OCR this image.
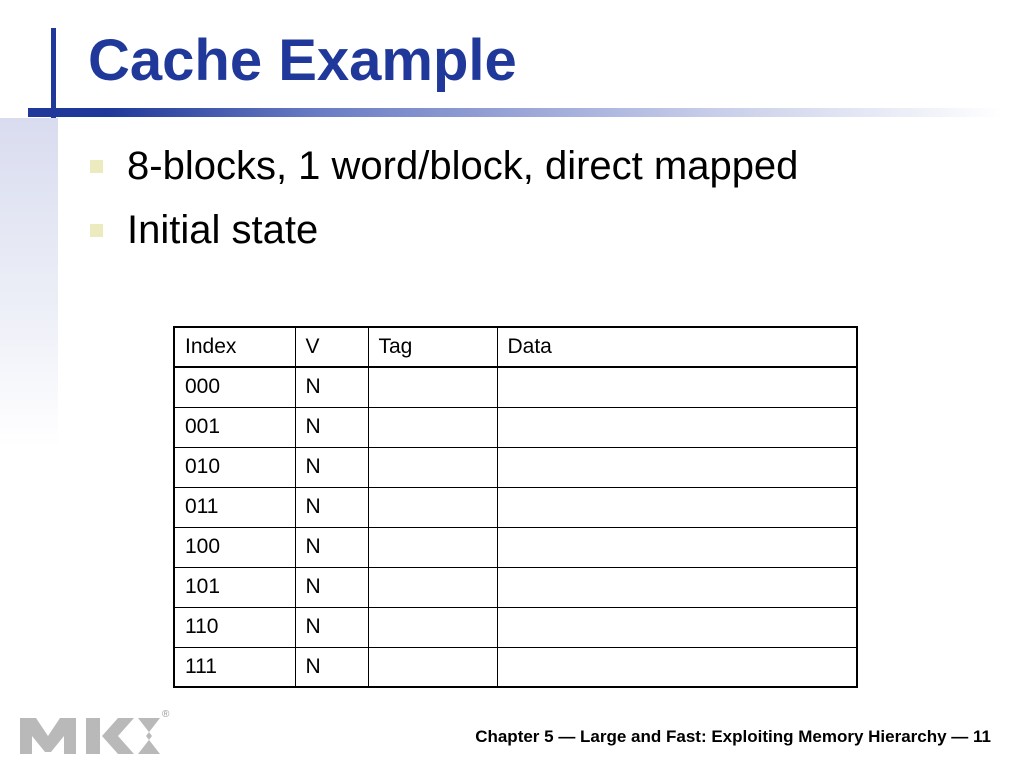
Cache Example
8-blocks, 1 word/block, direct mapped
Initial state
Index	V	Tag	Data
000	N		
001	N		
010	N		
011	N		
100	N		
101	N		
110	N		
111	N		
®
Chapter 5 — Large and Fast: Exploiting Memory Hierarchy — 11
